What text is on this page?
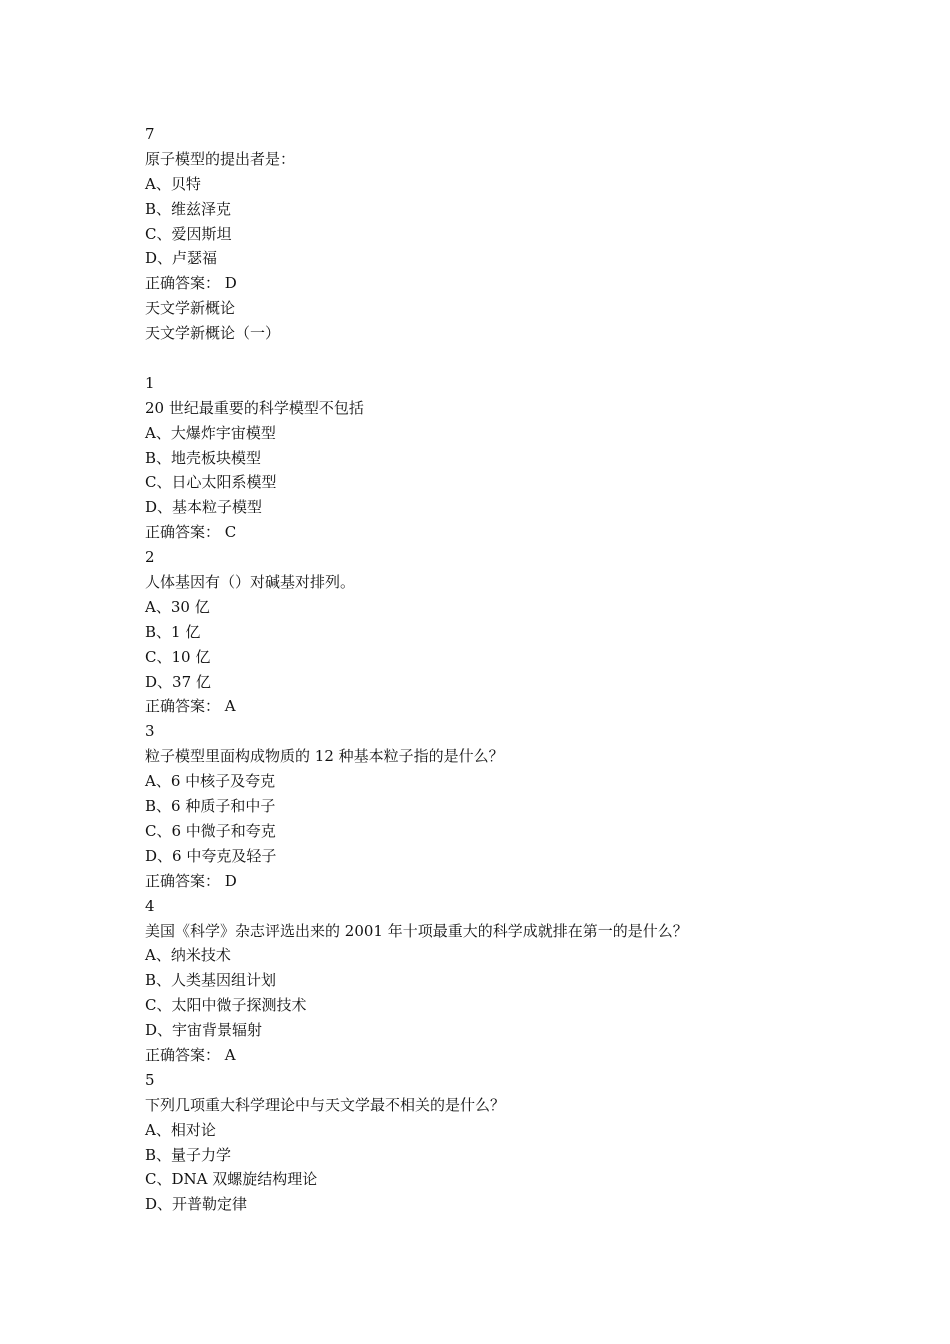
7
原子模型的提出者是：
A、贝特
B、维兹泽克
C、爱因斯坦
D、卢瑟福
正确答案： D
天文学新概论
天文学新概论（一）
1
20 世纪最重要的科学模型不包括
A、大爆炸宇宙模型
B、地壳板块模型
C、日心太阳系模型
D、基本粒子模型
正确答案： C
2
人体基因有（）对碱基对排列。
A、30 亿
B、1 亿
C、10 亿
D、37 亿
正确答案： A
3
粒子模型里面构成物质的 12 种基本粒子指的是什么？
A、6 中核子及夸克
B、6 种质子和中子
C、6 中微子和夸克
D、6 中夸克及轻子
正确答案： D
4
美国《科学》杂志评选出来的 2001 年十项最重大的科学成就排在第一的是什么？
A、纳米技术
B、人类基因组计划
C、太阳中微子探测技术
D、宇宙背景辐射
正确答案： A
5
下列几项重大科学理论中与天文学最不相关的是什么？
A、相对论
B、量子力学
C、DNA 双螺旋结构理论
D、开普勒定律
